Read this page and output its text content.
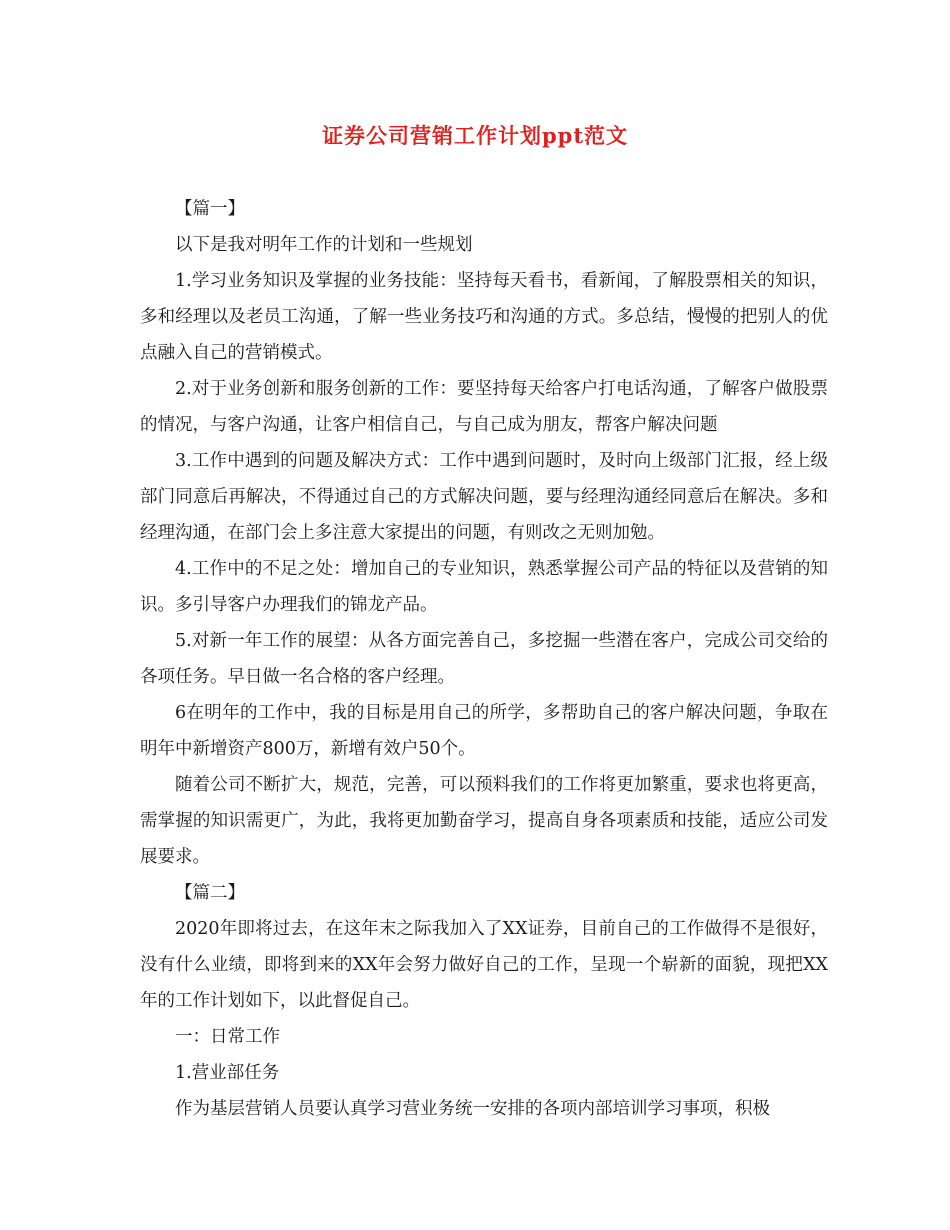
证券公司营销工作计划ppt范文

【篇一】

以下是我对明年工作的计划和一些规划

1.学习业务知识及掌握的业务技能：坚持每天看书，看新闻，了解股票相关的知识，多和经理以及老员工沟通，了解一些业务技巧和沟通的方式。多总结，慢慢的把别人的优点融入自己的营销模式。

2.对于业务创新和服务创新的工作：要坚持每天给客户打电话沟通，了解客户做股票的情况，与客户沟通，让客户相信自己，与自己成为朋友，帮客户解决问题

3.工作中遇到的问题及解决方式：工作中遇到问题时，及时向上级部门汇报，经上级部门同意后再解决，不得通过自己的方式解决问题，要与经理沟通经同意后在解决。多和经理沟通，在部门会上多注意大家提出的问题，有则改之无则加勉。

4.工作中的不足之处：增加自己的专业知识，熟悉掌握公司产品的特征以及营销的知识。多引导客户办理我们的锦龙产品。

5.对新一年工作的展望：从各方面完善自己，多挖掘一些潜在客户，完成公司交给的各项任务。早日做一名合格的客户经理。

6在明年的工作中，我的目标是用自己的所学，多帮助自己的客户解决问题，争取在明年中新增资产800万，新增有效户50个。

随着公司不断扩大，规范，完善，可以预料我们的工作将更加繁重，要求也将更高，需掌握的知识需更广，为此，我将更加勤奋学习，提高自身各项素质和技能，适应公司发展要求。

【篇二】

2020年即将过去，在这年末之际我加入了XX证券，目前自己的工作做得不是很好，没有什么业绩，即将到来的XX年会努力做好自己的工作，呈现一个崭新的面貌，现把XX年的工作计划如下，以此督促自己。

一：日常工作

1.营业部任务

作为基层营销人员要认真学习营业务统一安排的各项内部培训学习事项，积极
